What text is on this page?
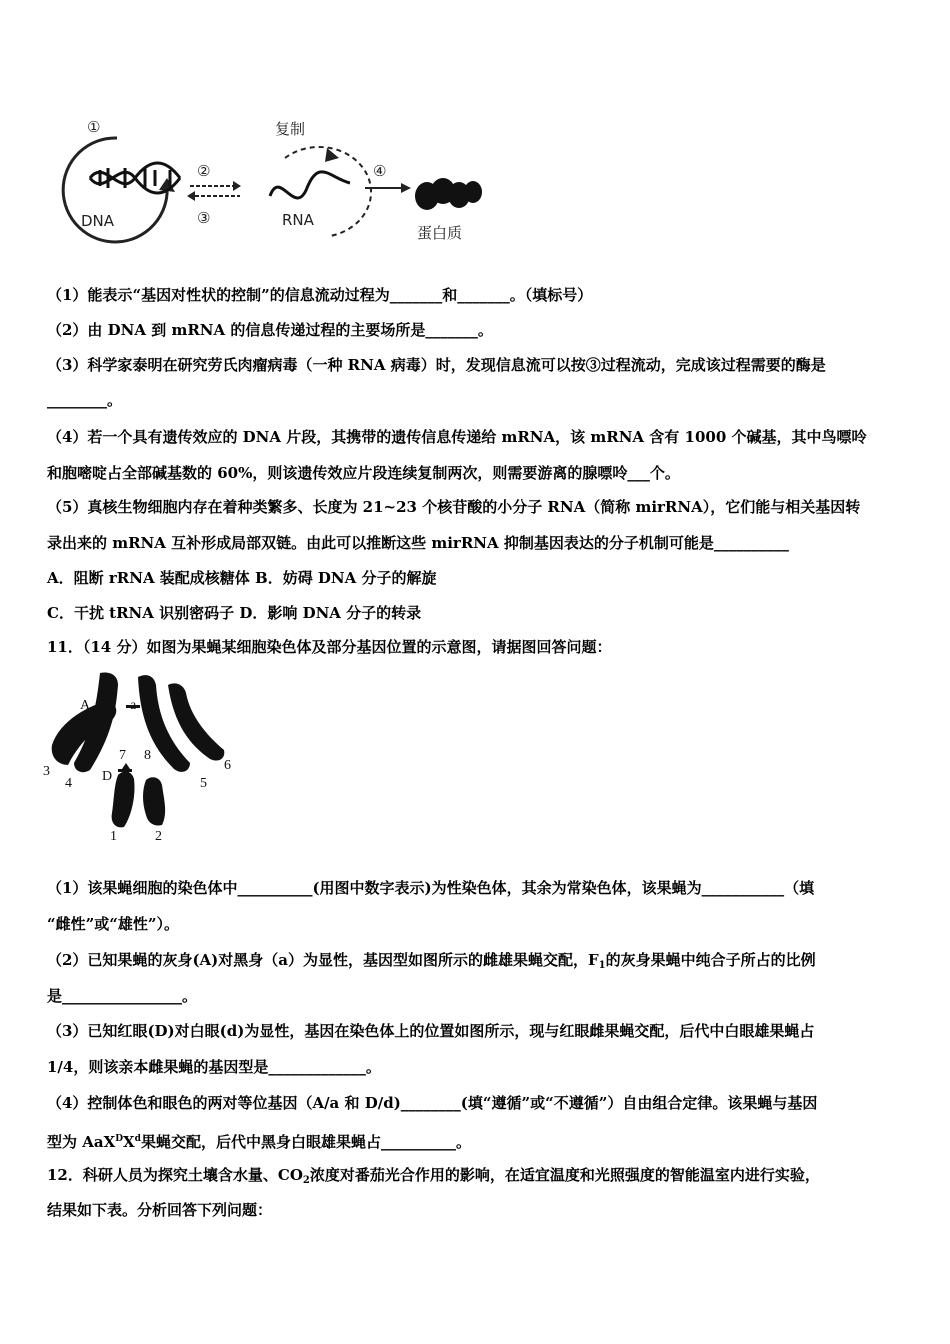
①
DNA
②
③
复制
RNA
④
蛋白质
（1）能表示“基因对性状的控制”的信息流动过程为_______和_______。（填标号）
（2）由 DNA 到 mRNA 的信息传递过程的主要场所是_______。
（3）科学家泰明在研究劳氏肉瘤病毒（一种 RNA 病毒）时，发现信息流可以按③过程流动，完成该过程需要的酶是
________。
（4）若一个具有遗传效应的 DNA 片段，其携带的遗传信息传递给 mRNA，该 mRNA 含有 1000 个碱基，其中鸟嘌呤
和胞嘧啶占全部碱基数的 60%，则该遗传效应片段连续复制两次，则需要游离的腺嘌呤___个。
（5）真核生物细胞内存在着种类繁多、长度为 21~23 个核苷酸的小分子 RNA（简称 mirRNA），它们能与相关基因转
录出来的 mRNA 互补形成局部双链。由此可以推断这些 mirRNA 抑制基因表达的分子机制可能是__________
A．阻断 rRNA 装配成核糖体 B．妨碍 DNA 分子的解旋
C．干扰 tRNA 识别密码子 D．影响 DNA 分子的转录
11．（14 分）如图为果蝇某细胞染色体及部分基因位置的示意图，请据图回答问题：
A	a
D
1	2
3
4	5
6
7 8
（1）该果蝇细胞的染色体中__________(用图中数字表示)为性染色体，其余为常染色体，该果蝇为___________（填
“雌性”或“雄性”）。
（2）已知果蝇的灰身(A)对黑身（a）为显性，基因型如图所示的雌雄果蝇交配，$F_1$的灰身果蝇中纯合子所占的比例
是________________。
（3）已知红眼(D)对白眼(d)为显性，基因在染色体上的位置如图所示，现与红眼雌果蝇交配，后代中白眼雄果蝇占
1/4，则该亲本雌果蝇的基因型是_____________。
（4）控制体色和眼色的两对等位基因（A/a 和 D/d)________(填“遵循”或“不遵循”）自由组合定律。该果蝇与基因
型为 $AaX^DX^d$果蝇交配，后代中黑身白眼雄果蝇占__________。
12．科研人员为探究土壤含水量、$CO_2$浓度对番茄光合作用的影响，在适宜温度和光照强度的智能温室内进行实验，
结果如下表。分析回答下列问题：
